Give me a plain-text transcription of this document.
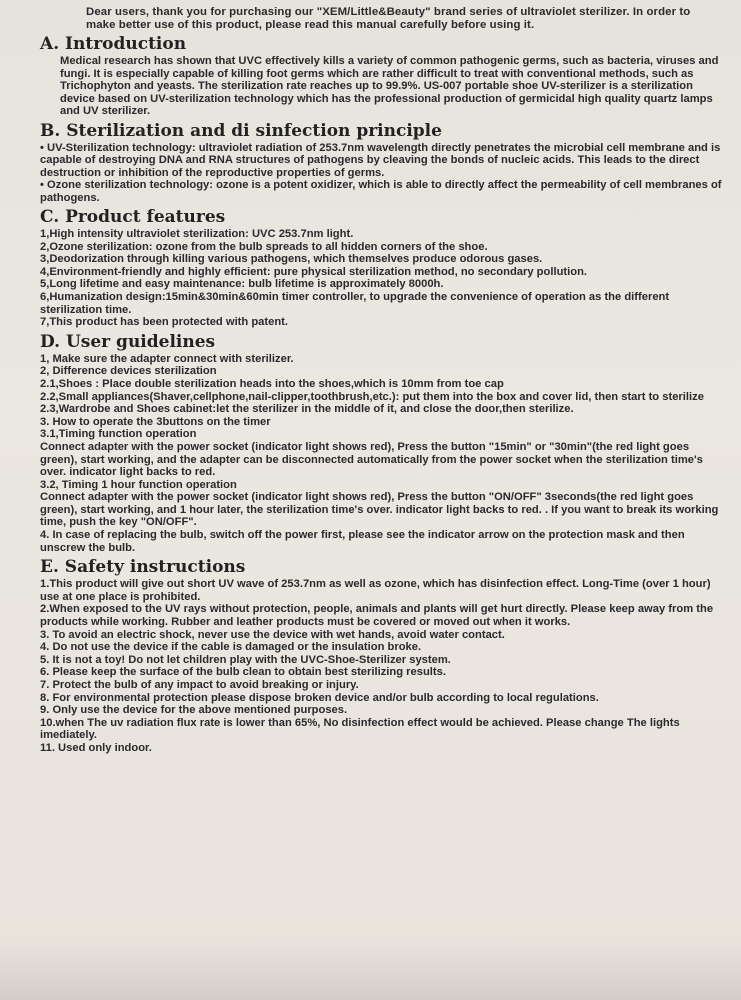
Dear users, thank you for purchasing our "XEM/Little&Beauty" brand series of ultraviolet sterilizer. In order to make better use of this product, please read this manual carefully before using it.
A. Introduction
Medical research has shown that UVC effectively kills a variety of common pathogenic germs, such as bacteria, viruses and fungi. It is especially capable of killing foot germs which are rather difficult to treat with conventional methods, such as Trichophyton and yeasts. The sterilization rate reaches up to 99.9%. US-007 portable shoe UV-sterilizer is a sterilization device based on UV-sterilization technology which has the professional production of germicidal high quality quartz lamps and UV sterilizer.
B. Sterilization and di sinfection principle
• UV-Sterilization technology: ultraviolet radiation of 253.7nm wavelength directly penetrates the microbial cell membrane and is capable of destroying DNA and RNA structures of pathogens by cleaving the bonds of nucleic acids. This leads to the direct destruction or inhibition of the reproductive properties of germs.
• Ozone sterilization technology: ozone is a potent oxidizer, which is able to directly affect the permeability of cell membranes of pathogens.
C. Product features
1,High intensity ultraviolet sterilization: UVC 253.7nm light.
2,Ozone sterilization: ozone from the bulb spreads to all hidden corners of the shoe.
3,Deodorization through killing various pathogens, which themselves produce odorous gases.
4,Environment-friendly and highly efficient: pure physical sterilization method, no secondary pollution.
5,Long lifetime and easy maintenance: bulb lifetime is approximately 8000h.
6,Humanization design:15min&30min&60min timer controller, to upgrade the convenience of operation as the different sterilization time.
7,This product has been protected with patent.
D. User guidelines
1, Make sure the adapter connect with sterilizer.
2, Difference devices sterilization
2.1,Shoes : Place double sterilization heads into the shoes,which is 10mm from toe cap
2.2,Small appliances(Shaver,cellphone,nail-clipper,toothbrush,etc.): put them into the box and cover lid, then start to sterilize
2.3,Wardrobe and Shoes cabinet:let the sterilizer in the middle of it, and close the door,then sterilize.
3. How to operate the 3buttons on the timer
3.1,Timing function operation
Connect adapter with the power socket (indicator light shows red), Press the button "15min" or "30min"(the red light goes green), start working, and the adapter can be disconnected automatically from the power socket when the sterilization time's over. indicator light backs to red.
3.2, Timing 1 hour function operation
Connect adapter with the power socket (indicator light shows red), Press the button "ON/OFF" 3seconds(the red light goes green), start working, and 1 hour later, the sterilization time's over. indicator light backs to red. . If you want to break its working time, push the key "ON/OFF".
4. In case of replacing the bulb, switch off the power first, please see the indicator arrow on the protection mask and then unscrew the bulb.
E. Safety instructions
1.This product will give out short UV wave of 253.7nm as well as ozone, which has disinfection effect. Long-Time (over 1 hour) use at one place is prohibited.
2.When exposed to the UV rays without protection, people, animals and plants will get hurt directly. Please keep away from the products while working. Rubber and leather products must be covered or moved out when it works.
3. To avoid an electric shock, never use the device with wet hands, avoid water contact.
4. Do not use the device if the cable is damaged or the insulation broke.
5. It is not a toy! Do not let children play with the UVC-Shoe-Sterilizer system.
6. Please keep the surface of the bulb clean to obtain best sterilizing results.
7. Protect the bulb of any impact to avoid breaking or injury.
8. For environmental protection please dispose broken device and/or bulb according to local regulations.
9. Only use the device for the above mentioned purposes.
10.when The uv radiation flux rate is lower than 65%, No disinfection effect would be achieved. Please change The lights imediately.
11. Used only indoor.
